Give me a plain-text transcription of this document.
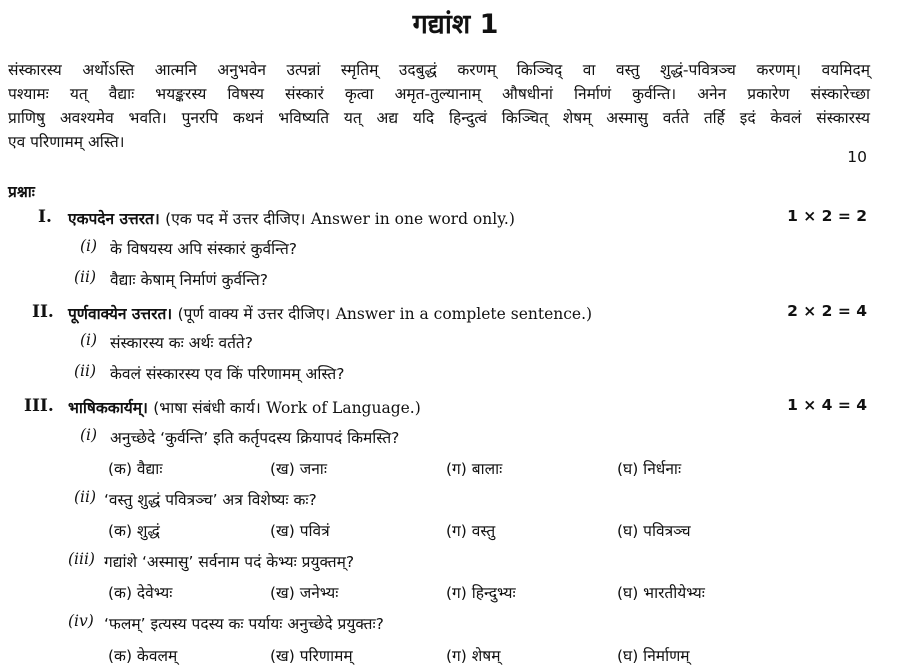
गद्यांश 1
संस्कारस्य अर्थोऽस्ति आत्मनि अनुभवेन उत्पन्नां स्मृतिम् उदबुद्धं करणम् किञ्चिद् वा वस्तु शुद्धं-पवित्रञ्च करणम्। वयमिदम्
पश्यामः यत् वैद्याः भयङ्करस्य विषस्य संस्कारं कृत्वा अमृत-तुल्यानाम् औषधीनां निर्माणं कुर्वन्ति। अनेन प्रकारेण संस्कारेच्छा
प्राणिषु अवश्यमेव भवति। पुनरपि कथनं भविष्यति यत् अद्य यदि हिन्दुत्वं किञ्चित् शेषम् अस्मासु वर्तते तर्हि इदं केवलं संस्कारस्य
एव परिणामम् अस्ति।
10
प्रश्नाः
I. एकपदेन उत्तरत। (एक पद में उत्तर दीजिए। Answer in one word only.)	1 × 2 = 2
(i) के विषयस्य अपि संस्कारं कुर्वन्ति?
(ii) वैद्याः केषाम् निर्माणं कुर्वन्ति?
II. पूर्णवाक्येन उत्तरत। (पूर्ण वाक्य में उत्तर दीजिए। Answer in a complete sentence.)	2 × 2 = 4
(i) संस्कारस्य कः अर्थः वर्तते?
(ii) केवलं संस्कारस्य एव किं परिणामम् अस्ति?
III. भाषिककार्यम्। (भाषा संबंधी कार्य। Work of Language.)	1 × 4 = 4
(i) अनुच्छेदे ‘कुर्वन्ति’ इति कर्तृपदस्य क्रियापदं किमस्ति?
(क) वैद्याः	(ख) जनाः	(ग) बालाः	(घ) निर्धनाः
(ii) ‘वस्तु शुद्धं पवित्रञ्च’ अत्र विशेष्यः कः?
(क) शुद्धं	(ख) पवित्रं	(ग) वस्तु	(घ) पवित्रञ्च
(iii) गद्यांशे ‘अस्मासु’ सर्वनाम पदं केभ्यः प्रयुक्तम्?
(क) देवेभ्यः	(ख) जनेभ्यः	(ग) हिन्दुभ्यः	(घ) भारतीयेभ्यः
(iv) ‘फलम्’ इत्यस्य पदस्य कः पर्यायः अनुच्छेदे प्रयुक्तः?
(क) केवलम्	(ख) परिणामम्	(ग) शेषम्	(घ) निर्माणम्
